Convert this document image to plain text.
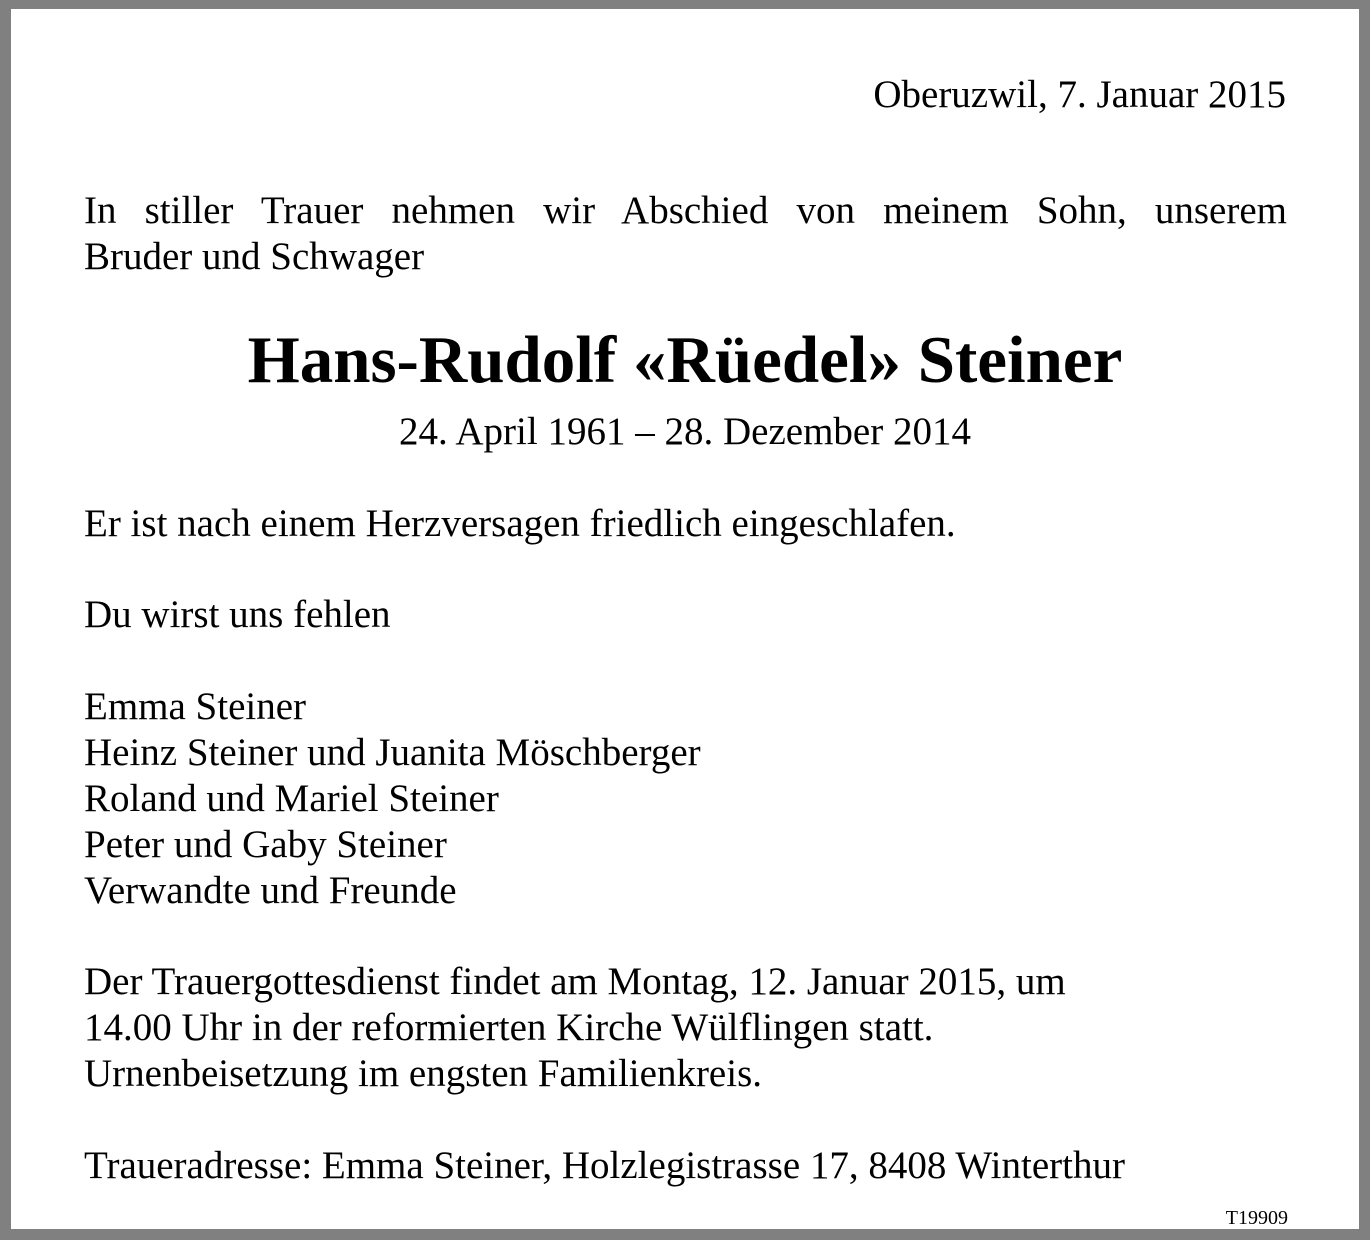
Oberuzwil, 7. Januar 2015

In stiller Trauer nehmen wir Abschied von meinem Sohn, unserem
Bruder und Schwager

Hans-Rudolf «Rüedel» Steiner

24. April 1961 – 28. Dezember 2014

Er ist nach einem Herzversagen friedlich eingeschlafen.

Du wirst uns fehlen

Emma Steiner

Heinz Steiner und Juanita Möschberger

Roland und Mariel Steiner

Peter und Gaby Steiner

Verwandte und Freunde

Der Trauergottesdienst findet am Montag, 12. Januar 2015, um

14.00 Uhr in der reformierten Kirche Wülflingen statt.

Urnenbeisetzung im engsten Familienkreis.

Traueradresse: Emma Steiner, Holzlegistrasse 17, 8408 Winterthur

T19909
